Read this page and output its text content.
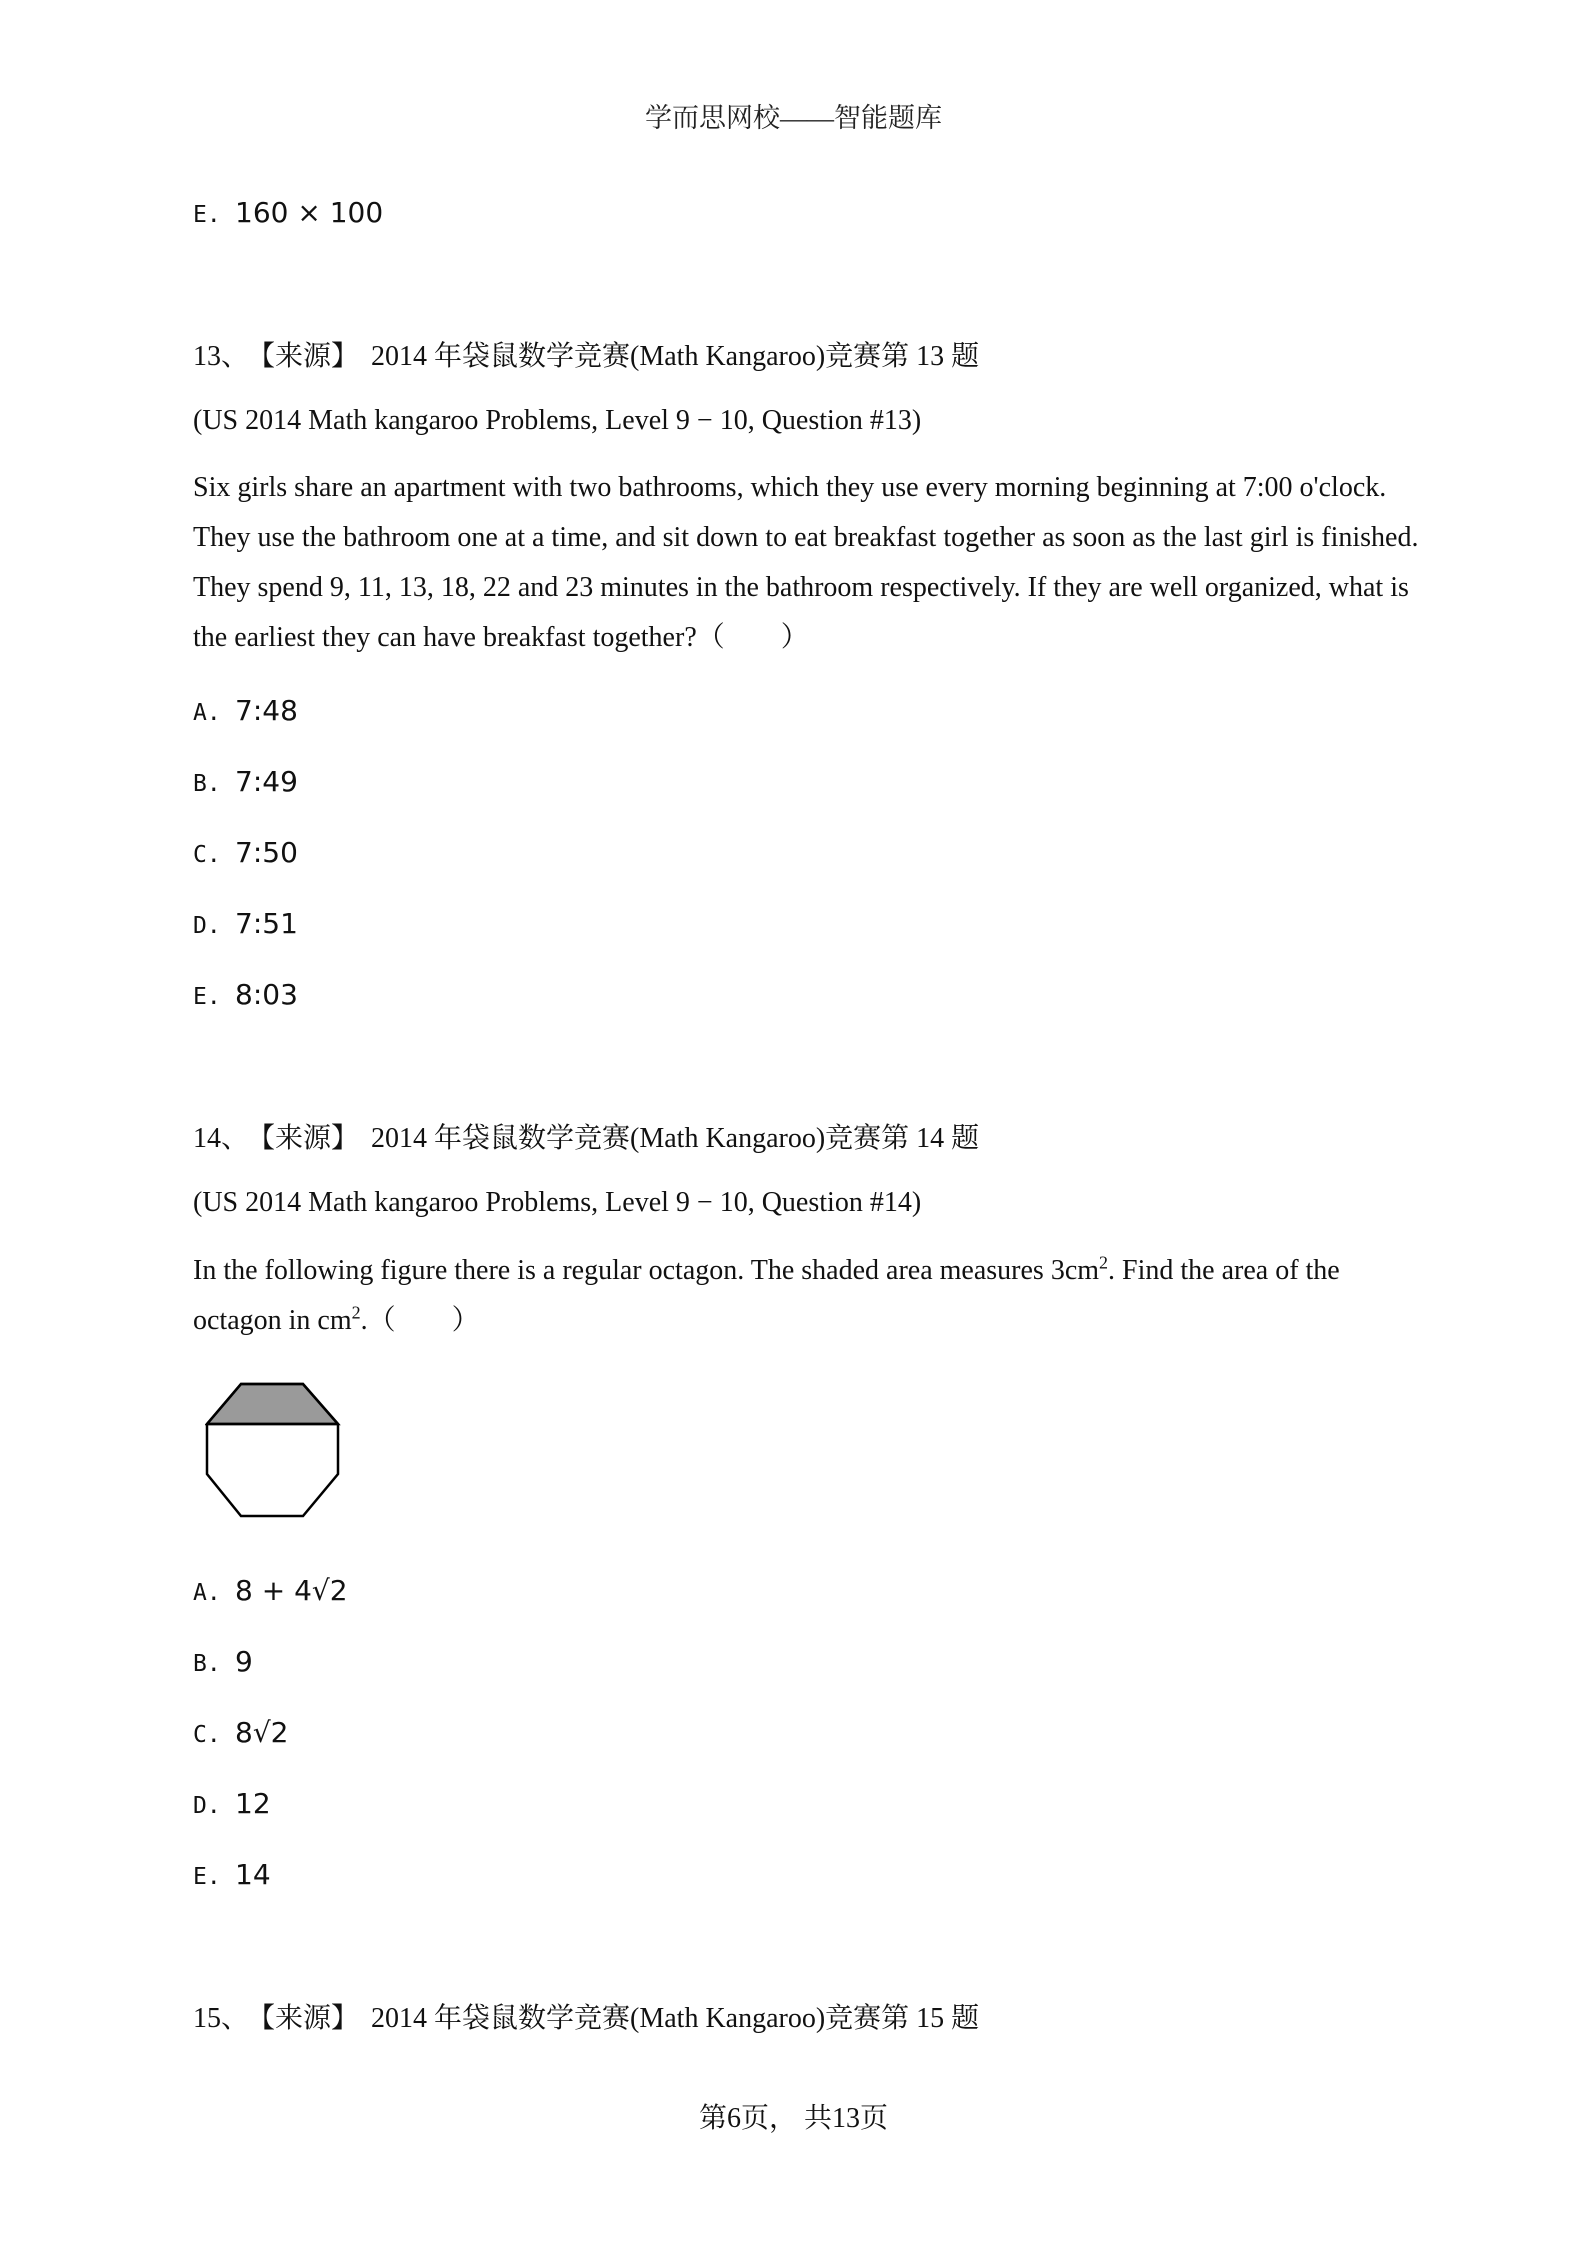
学而思网校——智能题库
E. 160 × 100
13、 【来源】 2014 年袋鼠数学竞赛(Math Kangaroo)竞赛第 13 题
(US 2014 Math kangaroo Problems, Level 9 − 10, Question #13)
Six girls share an apartment with two bathrooms, which they use every morning beginning at 7:00 o'clock. They use the bathroom one at a time, and sit down to eat breakfast together as soon as the last girl is finished. They spend 9, 11, 13, 18, 22 and 23 minutes in the bathroom respectively. If they are well organized, what is the earliest they can have breakfast together?（　　）
A. 7:48
B. 7:49
C. 7:50
D. 7:51
E. 8:03
14、 【来源】 2014 年袋鼠数学竞赛(Math Kangaroo)竞赛第 14 题
(US 2014 Math kangaroo Problems, Level 9 − 10, Question #14)
In the following figure there is a regular octagon. The shaded area measures $3cm^2$. Find the area of the octagon in $cm^2$.（　　）
A. 8 + 4√2
B. 9
C. 8√2
D. 12
E. 14
15、 【来源】 2014 年袋鼠数学竞赛(Math Kangaroo)竞赛第 15 题
第6页， 共13页
